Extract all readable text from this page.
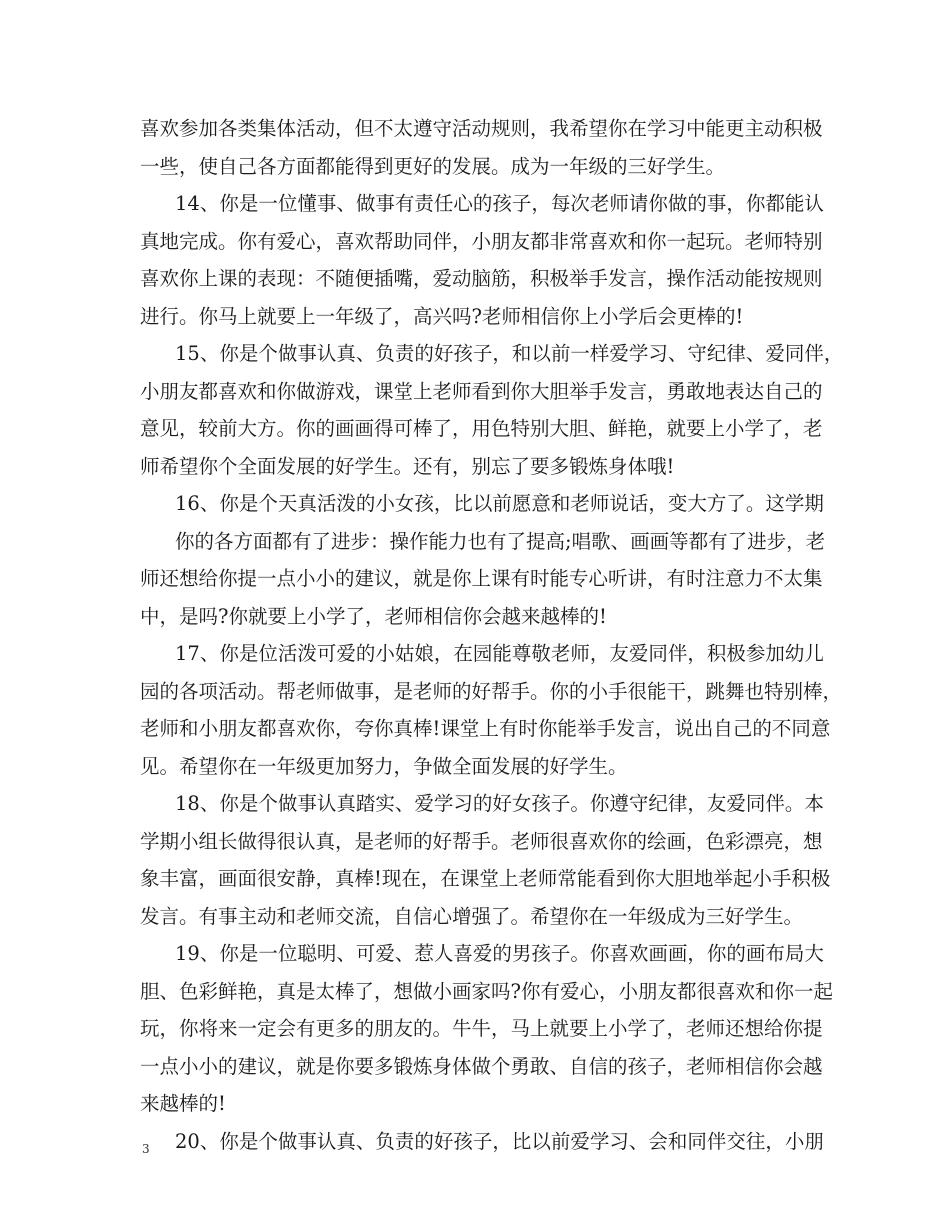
喜欢参加各类集体活动，但不太遵守活动规则，我希望你在学习中能更主动积极
一些，使自己各方面都能得到更好的发展。成为一年级的三好学生。
14、你是一位懂事、做事有责任心的孩子，每次老师请你做的事，你都能认
真地完成。你有爱心，喜欢帮助同伴，小朋友都非常喜欢和你一起玩。老师特别
喜欢你上课的表现：不随便插嘴，爱动脑筋，积极举手发言，操作活动能按规则
进行。你马上就要上一年级了，高兴吗?老师相信你上小学后会更棒的!
15、你是个做事认真、负责的好孩子，和以前一样爱学习、守纪律、爱同伴，
小朋友都喜欢和你做游戏，课堂上老师看到你大胆举手发言，勇敢地表达自己的
意见，较前大方。你的画画得可棒了，用色特别大胆、鲜艳，就要上小学了，老
师希望你个全面发展的好学生。还有，别忘了要多锻炼身体哦!
16、你是个天真活泼的小女孩，比以前愿意和老师说话，变大方了。这学期
你的各方面都有了进步：操作能力也有了提高;唱歌、画画等都有了进步，老
师还想给你提一点小小的建议，就是你上课有时能专心听讲，有时注意力不太集
中，是吗?你就要上小学了，老师相信你会越来越棒的!
17、你是位活泼可爱的小姑娘，在园能尊敬老师，友爱同伴，积极参加幼儿
园的各项活动。帮老师做事，是老师的好帮手。你的小手很能干，跳舞也特别棒，
老师和小朋友都喜欢你，夸你真棒!课堂上有时你能举手发言，说出自己的不同意
见。希望你在一年级更加努力，争做全面发展的好学生。
18、你是个做事认真踏实、爱学习的好女孩子。你遵守纪律，友爱同伴。本
学期小组长做得很认真，是老师的好帮手。老师很喜欢你的绘画，色彩漂亮，想
象丰富，画面很安静，真棒!现在，在课堂上老师常能看到你大胆地举起小手积极
发言。有事主动和老师交流，自信心增强了。希望你在一年级成为三好学生。
19、你是一位聪明、可爱、惹人喜爱的男孩子。你喜欢画画，你的画布局大
胆、色彩鲜艳，真是太棒了，想做小画家吗?你有爱心，小朋友都很喜欢和你一起
玩，你将来一定会有更多的朋友的。牛牛，马上就要上小学了，老师还想给你提
一点小小的建议，就是你要多锻炼身体做个勇敢、自信的孩子，老师相信你会越
来越棒的!
20、你是个做事认真、负责的好孩子，比以前爱学习、会和同伴交往，小朋
3
